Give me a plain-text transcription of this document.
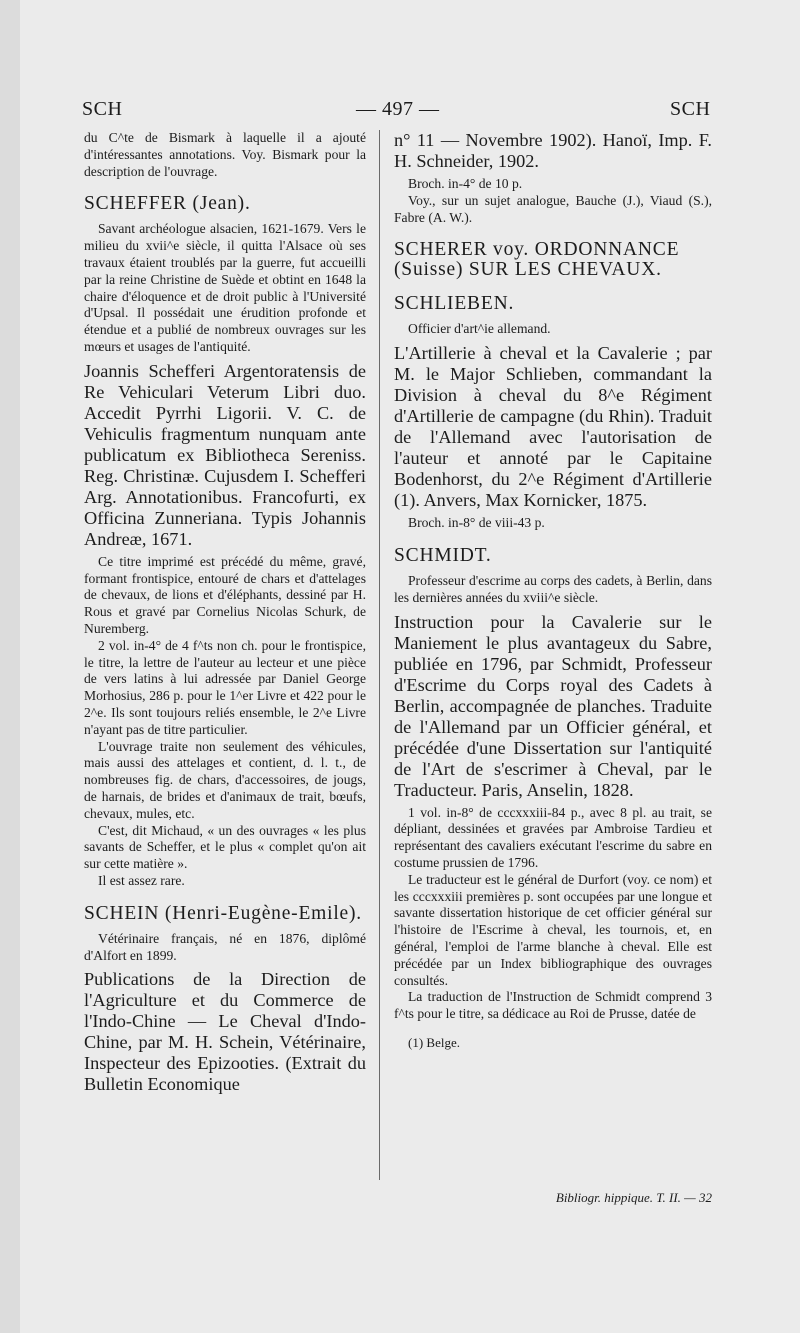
SCH	— 497 —	SCH

du C^te de Bismark à laquelle il a ajouté d'intéressantes annotations. Voy. Bismark pour la description de l'ouvrage.

SCHEFFER (Jean).

Savant archéologue alsacien, 1621-1679. Vers le milieu du xvii^e siècle, il quitta l'Alsace où ses travaux étaient troublés par la guerre, fut accueilli par la reine Christine de Suède et obtint en 1648 la chaire d'éloquence et de droit public à l'Université d'Upsal. Il possédait une érudition profonde et étendue et a publié de nombreux ouvrages sur les mœurs et usages de l'antiquité.

Joannis Schefferi Argentoratensis de Re Vehiculari Veterum Libri duo. Accedit Pyrrhi Ligorii. V. C. de Vehiculis fragmentum nunquam ante publicatum ex Bibliotheca Sereniss. Reg. Christinæ. Cujusdem I. Schefferi Arg. Annotationibus. Francofurti, ex Officina Zunneriana. Typis Johannis Andreæ, 1671.

Ce titre imprimé est précédé du même, gravé, formant frontispice, entouré de chars et d'attelages de chevaux, de lions et d'éléphants, dessiné par H. Rous et gravé par Cornelius Nicolas Schurk, de Nuremberg.

2 vol. in-4° de 4 f^ts non ch. pour le frontispice, le titre, la lettre de l'auteur au lecteur et une pièce de vers latins à lui adressée par Daniel George Morhosius, 286 p. pour le 1^er Livre et 422 pour le 2^e. Ils sont toujours reliés ensemble, le 2^e Livre n'ayant pas de titre particulier.

L'ouvrage traite non seulement des véhicules, mais aussi des attelages et contient, d. l. t., de nombreuses fig. de chars, d'accessoires, de jougs, de harnais, de brides et d'animaux de trait, bœufs, chevaux, mules, etc.

C'est, dit Michaud, « un des ouvrages « les plus savants de Scheffer, et le plus « complet qu'on ait sur cette matière ».

Il est assez rare.

SCHEIN (Henri-Eugène-Emile).

Vétérinaire français, né en 1876, diplômé d'Alfort en 1899.

Publications de la Direction de l'Agriculture et du Commerce de l'Indo-Chine — Le Cheval d'Indo-Chine, par M. H. Schein, Vétérinaire, Inspecteur des Epizooties. (Extrait du Bulletin Economique

n° 11 — Novembre 1902). Hanoï, Imp. F. H. Schneider, 1902.

Broch. in-4° de 10 p.

Voy., sur un sujet analogue, Bauche (J.), Viaud (S.), Fabre (A. W.).

SCHERER voy. ORDONNANCE (Suisse) SUR LES CHEVAUX.
SCHLIEBEN.

Officier d'art^ie allemand.

L'Artillerie à cheval et la Cavalerie ; par M. le Major Schlieben, commandant la Division à cheval du 8^e Régiment d'Artillerie de campagne (du Rhin). Traduit de l'Allemand avec l'autorisation de l'auteur et annoté par le Capitaine Bodenhorst, du 2^e Régiment d'Artillerie (1). Anvers, Max Kornicker, 1875.

Broch. in-8° de viii-43 p.

SCHMIDT.

Professeur d'escrime au corps des cadets, à Berlin, dans les dernières années du xviii^e siècle.

Instruction pour la Cavalerie sur le Maniement le plus avantageux du Sabre, publiée en 1796, par Schmidt, Professeur d'Escrime du Corps royal des Cadets à Berlin, accompagnée de planches. Traduite de l'Allemand par un Officier général, et précédée d'une Dissertation sur l'antiquité de l'Art de s'escrimer à Cheval, par le Traducteur. Paris, Anselin, 1828.

1 vol. in-8° de cccxxxiii-84 p., avec 8 pl. au trait, se dépliant, dessinées et gravées par Ambroise Tardieu et représentant des cavaliers exécutant l'escrime du sabre en costume prussien de 1796.

Le traducteur est le général de Durfort (voy. ce nom) et les cccxxxiii premières p. sont occupées par une longue et savante dissertation historique de cet officier général sur l'histoire de l'Escrime à cheval, les tournois, et, en général, l'emploi de l'arme blanche à cheval. Elle est précédée par un Index bibliographique des ouvrages consultés.

La traduction de l'Instruction de Schmidt comprend 3 f^ts pour le titre, sa dédicace au Roi de Prusse, datée de

(1) Belge.

Bibliogr. hippique. T. II. — 32
